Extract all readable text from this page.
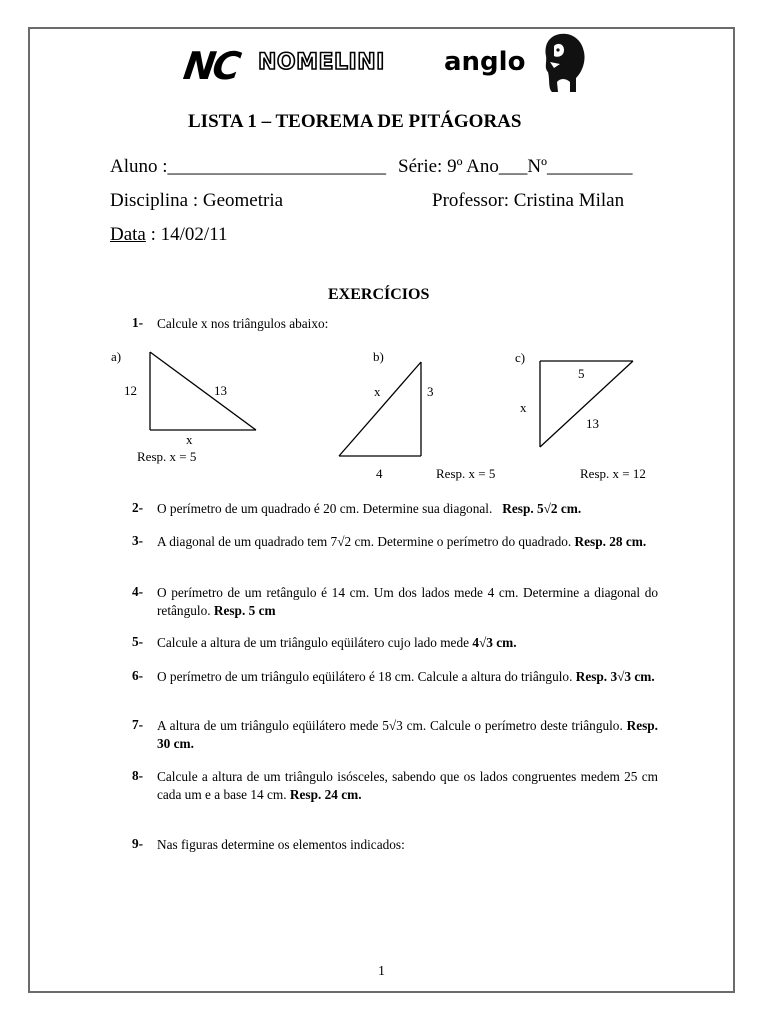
NC NOMELINI anglo
LISTA 1 – TEOREMA DE PITÁGORAS
Aluno :_______________________ Série: 9º Ano___Nº_________
Disciplina : Geometria	Professor: Cristina Milan
Data : 14/02/11
EXERCÍCIOS
1- Calcule x nos triângulos abaixo:
a)
12	13
x
Resp. x = 5
b)
x	3
4	Resp. x = 5
c)
5
x
13
Resp. x = 12
2- O perímetro de um quadrado é 20 cm. Determine sua diagonal. Resp. 5√2 cm.
3- A diagonal de um quadrado tem 7√2 cm. Determine o perímetro do quadrado. Resp. 28 cm.
4- O perímetro de um retângulo é 14 cm. Um dos lados mede 4 cm. Determine a diagonal do retângulo. Resp. 5 cm
5- Calcule a altura de um triângulo eqüilátero cujo lado mede 4√3 cm.
6- O perímetro de um triângulo eqüilátero é 18 cm. Calcule a altura do triângulo. Resp. 3√3 cm.
7- A altura de um triângulo eqüilátero mede 5√3 cm. Calcule o perímetro deste triângulo. Resp. 30 cm.
8- Calcule a altura de um triângulo isósceles, sabendo que os lados congruentes medem 25 cm cada um e a base 14 cm. Resp. 24 cm.
9- Nas figuras determine os elementos indicados:
1
